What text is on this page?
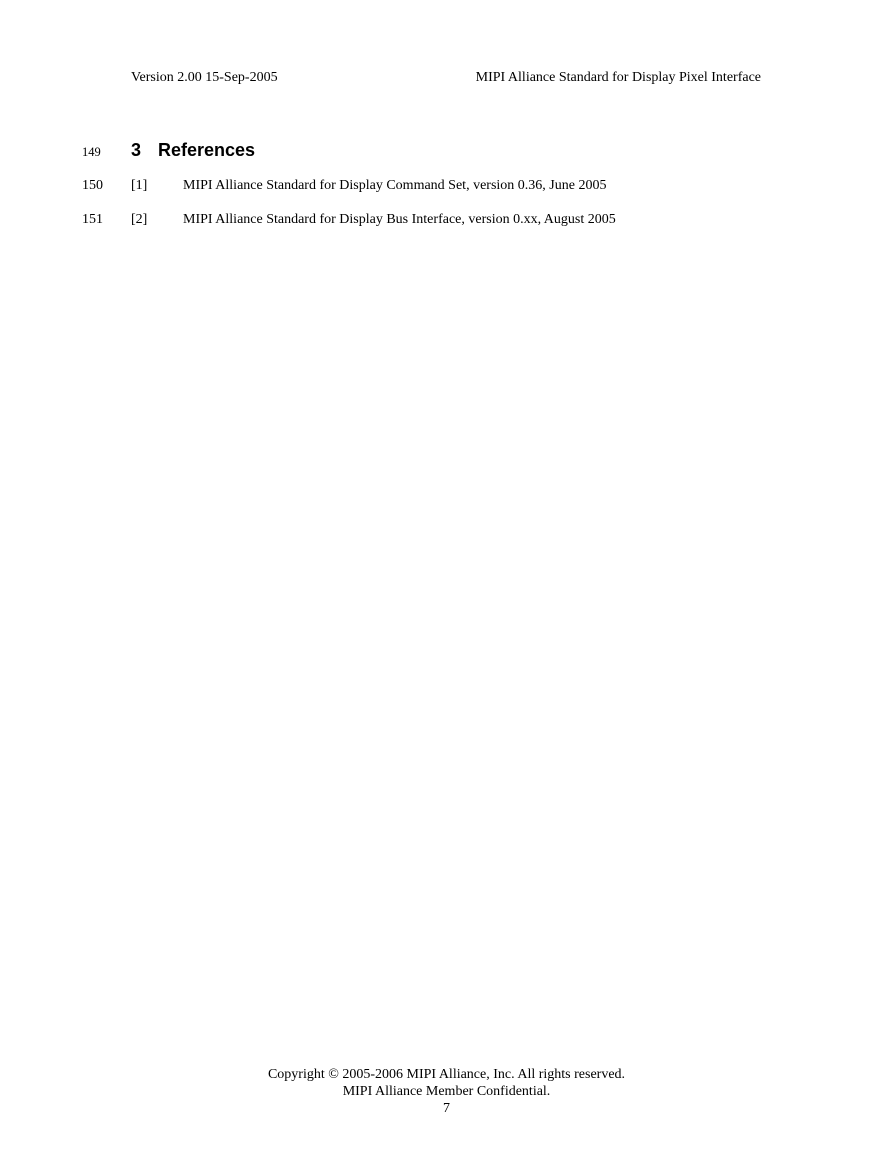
Version 2.00 15-Sep-2005	MIPI Alliance Standard for Display Pixel Interface
149 3 References
150 [1]	MIPI Alliance Standard for Display Command Set, version 0.36, June 2005
151 [2]	MIPI Alliance Standard for Display Bus Interface, version 0.xx, August 2005
Copyright © 2005-2006 MIPI Alliance, Inc. All rights reserved.
MIPI Alliance Member Confidential.
7
